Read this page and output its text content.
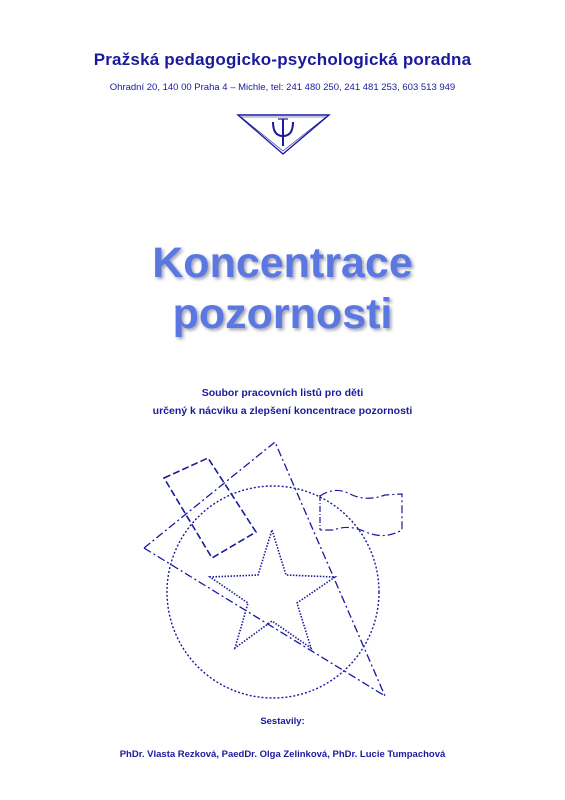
Pražská pedagogicko-psychologická poradna
Ohradní 20, 140 00 Praha 4 – Michle, tel: 241 480 250, 241 481 253, 603 513 949
Koncentrace
pozornosti
Soubor pracovních listů pro děti
určený k nácviku a zlepšení koncentrace pozornosti
Sestavily:
PhDr. Vlasta Rezková, PaedDr. Olga Zelinková, PhDr. Lucie Tumpachová
